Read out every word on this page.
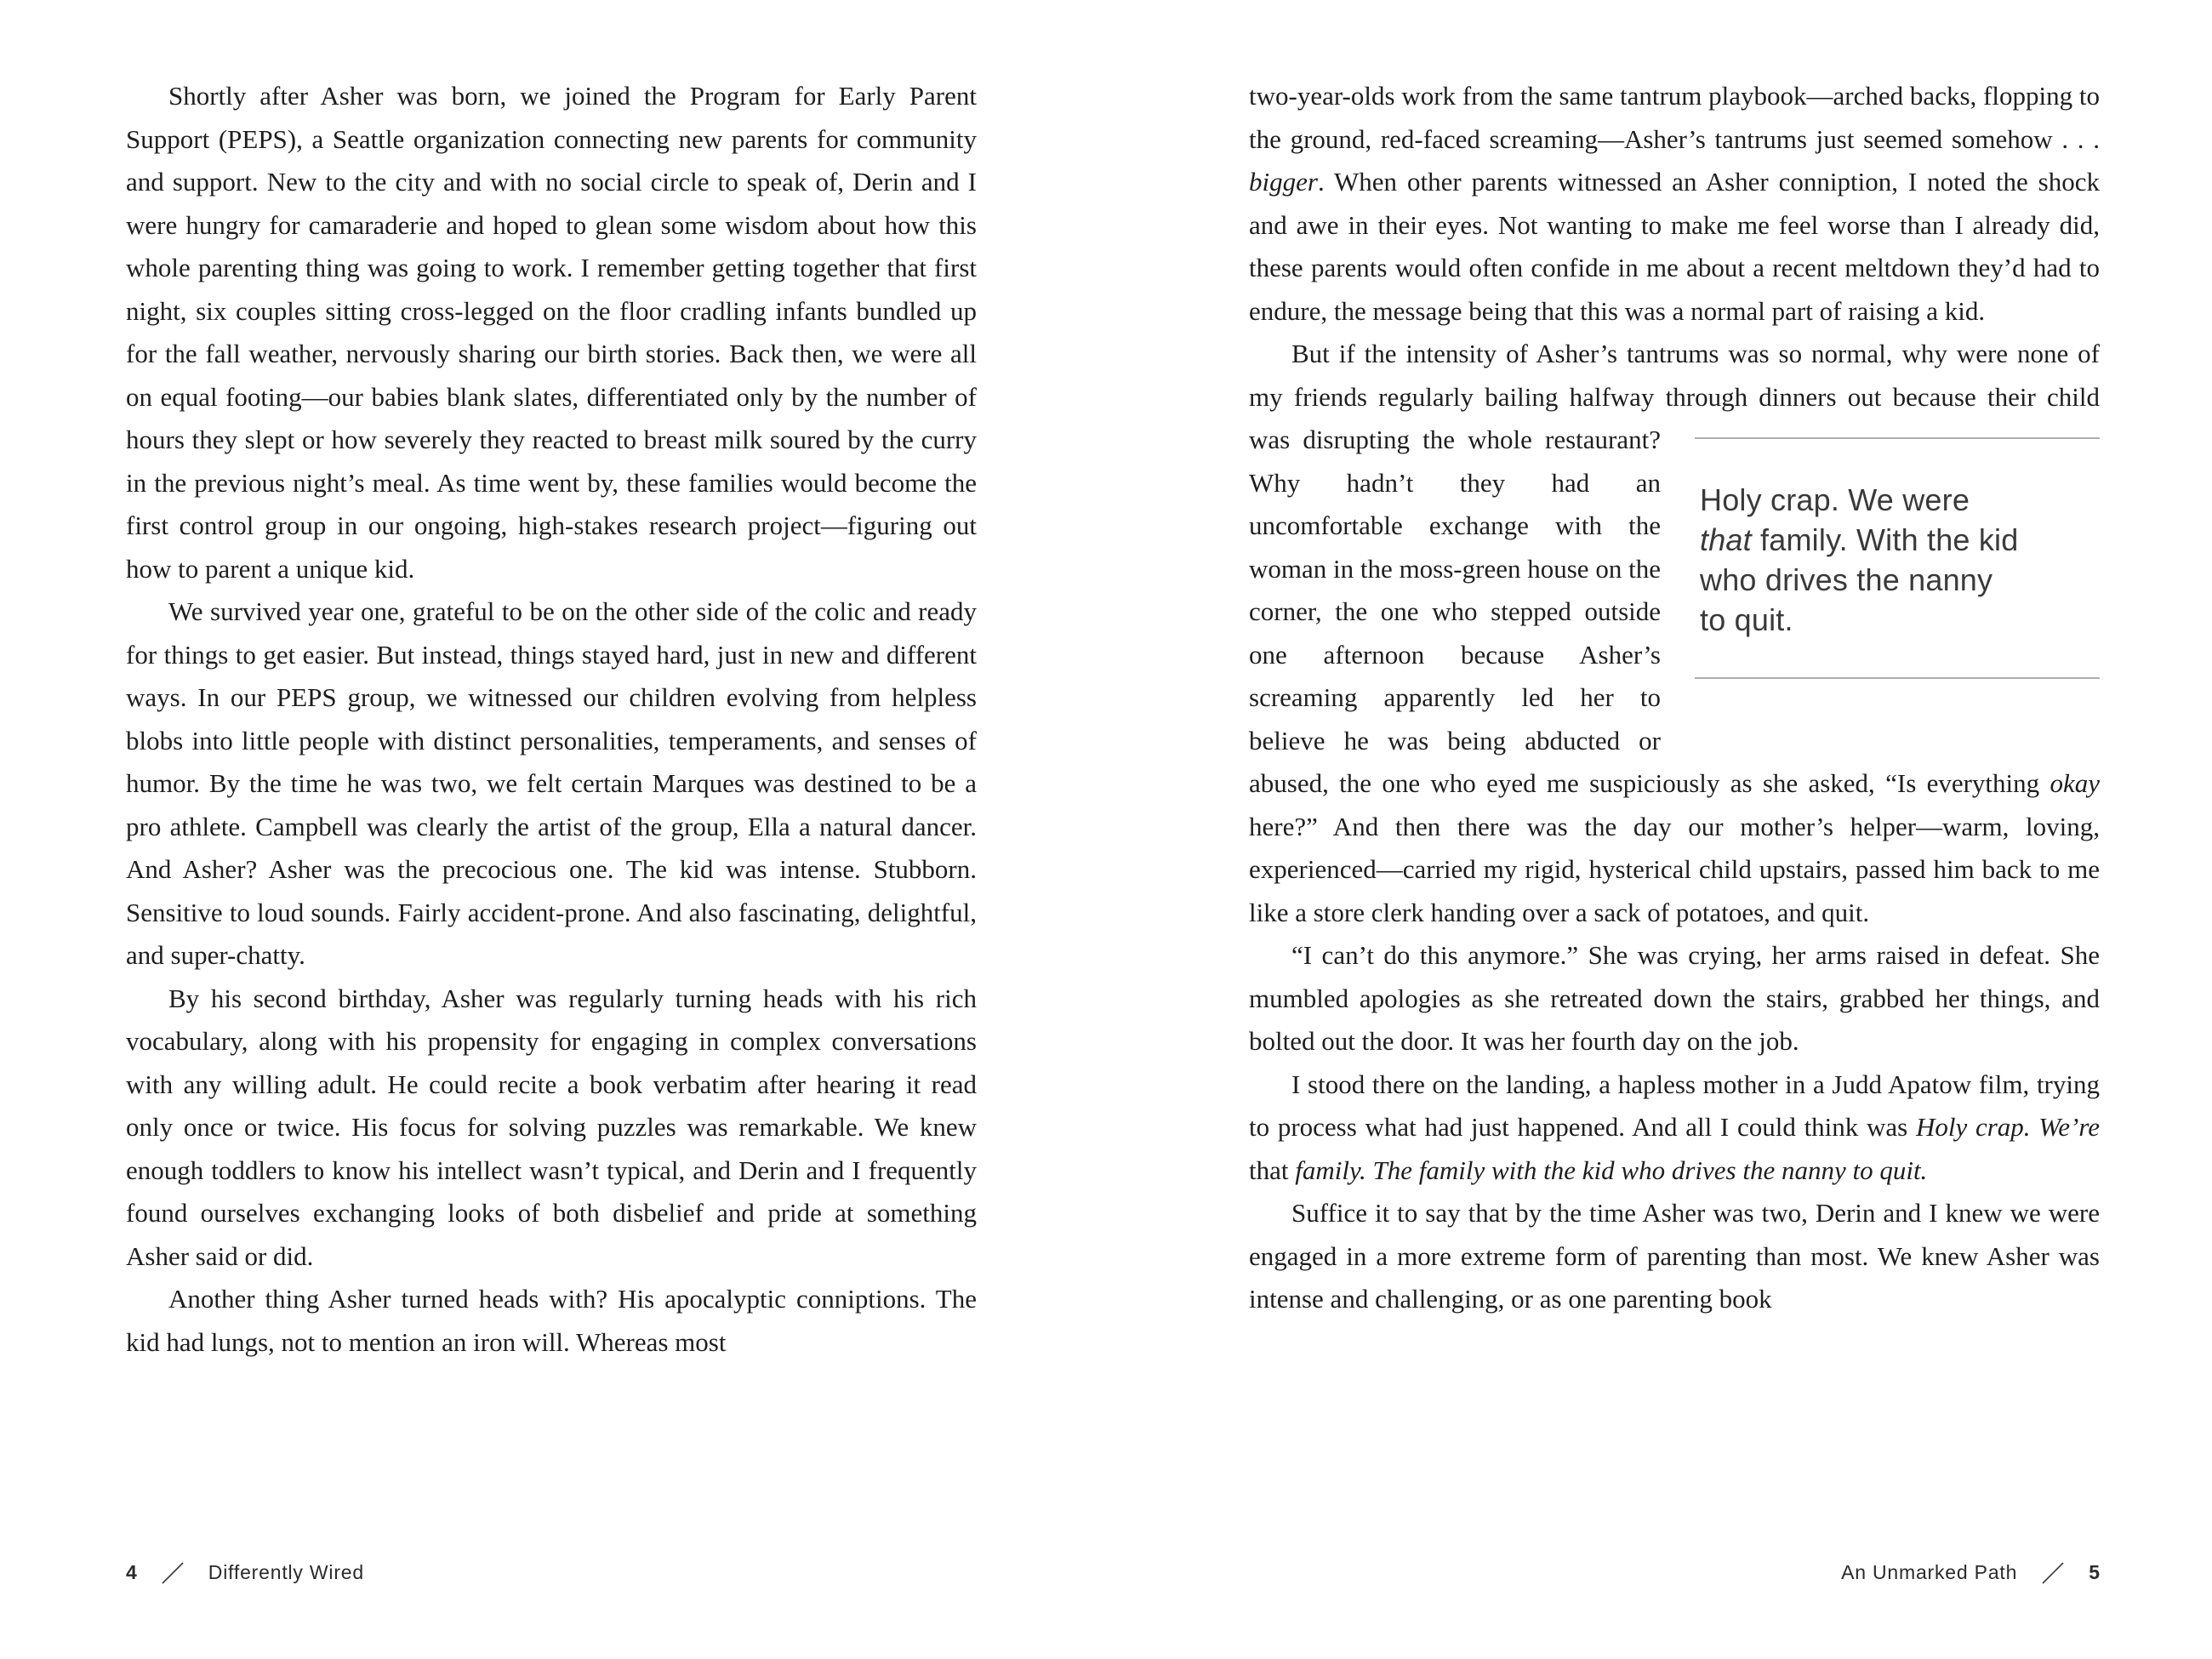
Shortly after Asher was born, we joined the Program for Early Parent Support (PEPS), a Seattle organization connecting new parents for community and support. New to the city and with no social circle to speak of, Derin and I were hungry for camaraderie and hoped to glean some wisdom about how this whole parenting thing was going to work. I remember getting together that first night, six couples sitting cross-legged on the floor cradling infants bundled up for the fall weather, nervously sharing our birth stories. Back then, we were all on equal footing—our babies blank slates, differentiated only by the number of hours they slept or how severely they reacted to breast milk soured by the curry in the previous night’s meal. As time went by, these families would become the first control group in our ongoing, high-stakes research project—figuring out how to parent a unique kid.

We survived year one, grateful to be on the other side of the colic and ready for things to get easier. But instead, things stayed hard, just in new and different ways. In our PEPS group, we witnessed our children evolving from helpless blobs into little people with distinct personalities, temperaments, and senses of humor. By the time he was two, we felt certain Marques was destined to be a pro athlete. Campbell was clearly the artist of the group, Ella a natural dancer. And Asher? Asher was the precocious one. The kid was intense. Stubborn. Sensitive to loud sounds. Fairly accident-prone. And also fascinating, delightful, and super-chatty.

By his second birthday, Asher was regularly turning heads with his rich vocabulary, along with his propensity for engaging in complex conversations with any willing adult. He could recite a book verbatim after hearing it read only once or twice. His focus for solving puzzles was remarkable. We knew enough toddlers to know his intellect wasn’t typical, and Derin and I frequently found ourselves exchanging looks of both disbelief and pride at something Asher said or did.

Another thing Asher turned heads with? His apocalyptic conniptions. The kid had lungs, not to mention an iron will. Whereas most

4	Differently Wired

two-year-olds work from the same tantrum playbook—arched backs, flopping to the ground, red-faced screaming—Asher’s tantrums just seemed somehow . . . bigger. When other parents witnessed an Asher conniption, I noted the shock and awe in their eyes. Not wanting to make me feel worse than I already did, these parents would often confide in me about a recent meltdown they’d had to endure, the message being that this was a normal part of raising a kid.

But if the intensity of Asher’s tantrums was so normal, why were none of my friends regularly bailing halfway through dinners out
Holy crap. We were
that family. With the kid
who drives the nanny
to quit.
because their child was disrupting the whole restaurant? Why hadn’t they had an uncomfortable exchange with the woman in the moss-green house on the corner, the one who stepped outside one afternoon because Asher’s screaming apparently led her to believe he was being abducted or abused, the one who eyed me suspiciously as she asked, “Is everything okay here?” And then there was the day our mother’s helper—warm, loving, experienced—carried my rigid, hysterical child upstairs, passed him back to me like a store clerk handing over a sack of potatoes, and quit.

“I can’t do this anymore.” She was crying, her arms raised in defeat. She mumbled apologies as she retreated down the stairs, grabbed her things, and bolted out the door. It was her fourth day on the job.

I stood there on the landing, a hapless mother in a Judd Apatow film, trying to process what had just happened. And all I could think was Holy crap. We’re that family. The family with the kid who drives the nanny to quit.

Suffice it to say that by the time Asher was two, Derin and I knew we were engaged in a more extreme form of parenting than most. We knew Asher was intense and challenging, or as one parenting book

An Unmarked Path	5
